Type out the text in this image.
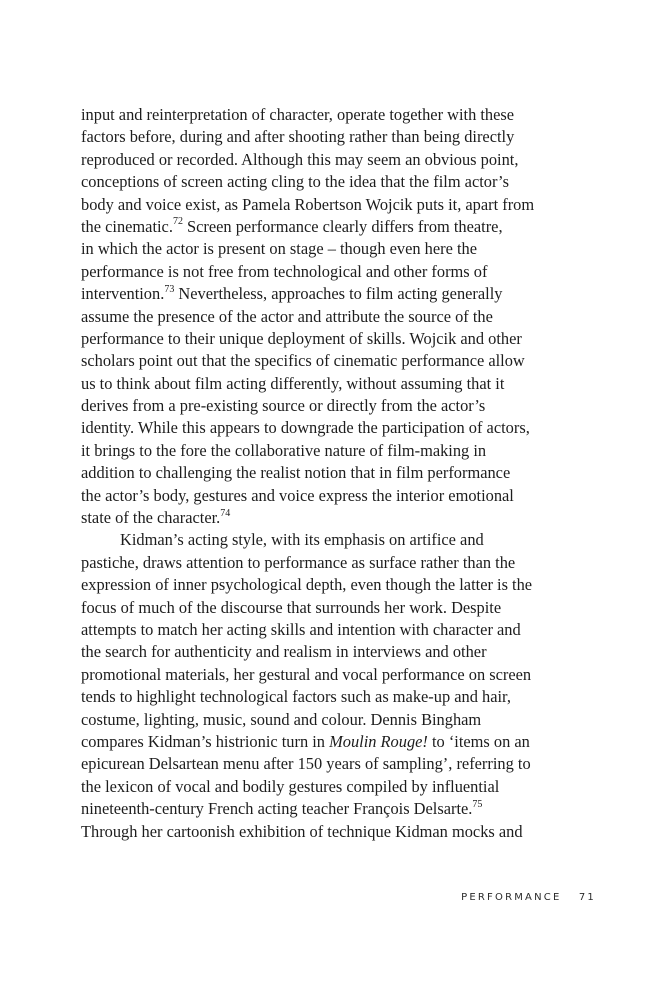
input and reinterpretation of character, operate together with these
factors before, during and after shooting rather than being directly
reproduced or recorded. Although this may seem an obvious point,
conceptions of screen acting cling to the idea that the film actor’s
body and voice exist, as Pamela Robertson Wojcik puts it, apart from
the cinematic.$^{72}$ Screen performance clearly differs from theatre,
in which the actor is present on stage – though even here the
performance is not free from technological and other forms of
intervention.$^{73}$ Nevertheless, approaches to film acting generally
assume the presence of the actor and attribute the source of the
performance to their unique deployment of skills. Wojcik and other
scholars point out that the specifics of cinematic performance allow
us to think about film acting differently, without assuming that it
derives from a pre-existing source or directly from the actor’s
identity. While this appears to downgrade the participation of actors,
it brings to the fore the collaborative nature of film-making in
addition to challenging the realist notion that in film performance
the actor’s body, gestures and voice express the interior emotional
state of the character.$^{74}$
Kidman’s acting style, with its emphasis on artifice and
pastiche, draws attention to performance as surface rather than the
expression of inner psychological depth, even though the latter is the
focus of much of the discourse that surrounds her work. Despite
attempts to match her acting skills and intention with character and
the search for authenticity and realism in interviews and other
promotional materials, her gestural and vocal performance on screen
tends to highlight technological factors such as make-up and hair,
costume, lighting, music, sound and colour. Dennis Bingham
compares Kidman’s histrionic turn in Moulin Rouge! to ‘items on an
epicurean Delsartean menu after 150 years of sampling’, referring to
the lexicon of vocal and bodily gestures compiled by influential
nineteenth-century French acting teacher François Delsarte.$^{75}$
Through her cartoonish exhibition of technique Kidman mocks and
PERFORMANCE 71
